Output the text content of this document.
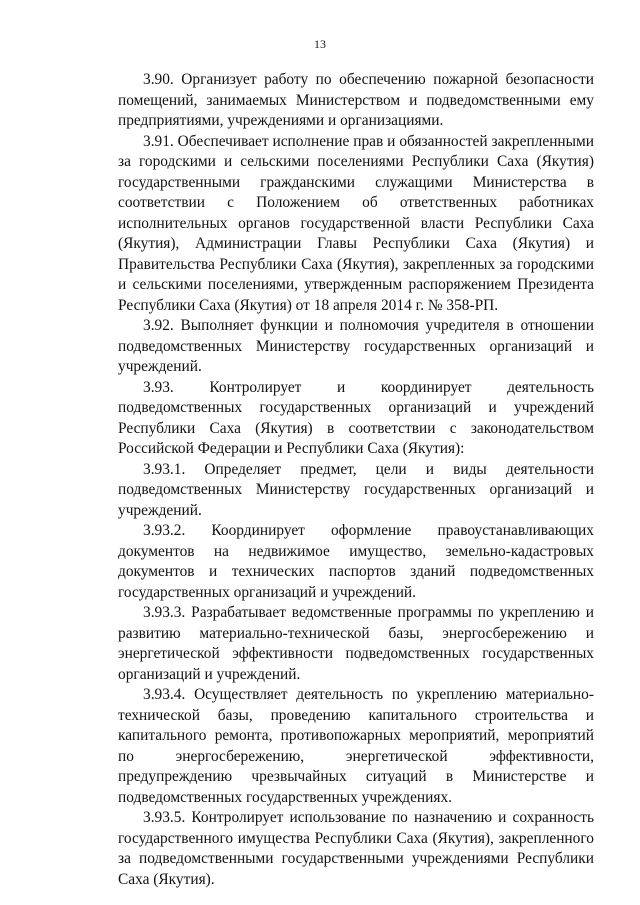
13

3.90. Организует работу по обеспечению пожарной безопасности помещений, занимаемых Министерством и подведомственными ему предприятиями, учреждениями и организациями.

3.91. Обеспечивает исполнение прав и обязанностей закрепленными за городскими и сельскими поселениями Республики Саха (Якутия) государственными гражданскими служащими Министерства в соответствии с Положением об ответственных работниках исполнительных органов государственной власти Республики Саха (Якутия), Администрации Главы Республики Саха (Якутия) и Правительства Республики Саха (Якутия), закрепленных за городскими и сельскими поселениями, утвержденным распоряжением Президента Республики Саха (Якутия) от 18 апреля 2014 г. № 358-РП.

3.92. Выполняет функции и полномочия учредителя в отношении подведомственных Министерству государственных организаций и учреждений.

3.93. Контролирует и координирует деятельность подведомственных государственных организаций и учреждений Республики Саха (Якутия) в соответствии с законодательством Российской Федерации и Республики Саха (Якутия):

3.93.1. Определяет предмет, цели и виды деятельности подведомственных Министерству государственных организаций и учреждений.

3.93.2. Координирует оформление правоустанавливающих документов на недвижимое имущество, земельно-кадастровых документов и технических паспортов зданий подведомственных государственных организаций и учреждений.

3.93.3. Разрабатывает ведомственные программы по укреплению и развитию материально-технической базы, энергосбережению и энергетической эффективности подведомственных государственных организаций и учреждений.

3.93.4. Осуществляет деятельность по укреплению материально-технической базы, проведению капитального строительства и капитального ремонта, противопожарных мероприятий, мероприятий по энергосбережению, энергетической эффективности, предупреждению чрезвычайных ситуаций в Министерстве и подведомственных государственных учреждениях.

3.93.5. Контролирует использование по назначению и сохранность государственного имущества Республики Саха (Якутия), закрепленного за подведомственными государственными учреждениями Республики Саха (Якутия).
